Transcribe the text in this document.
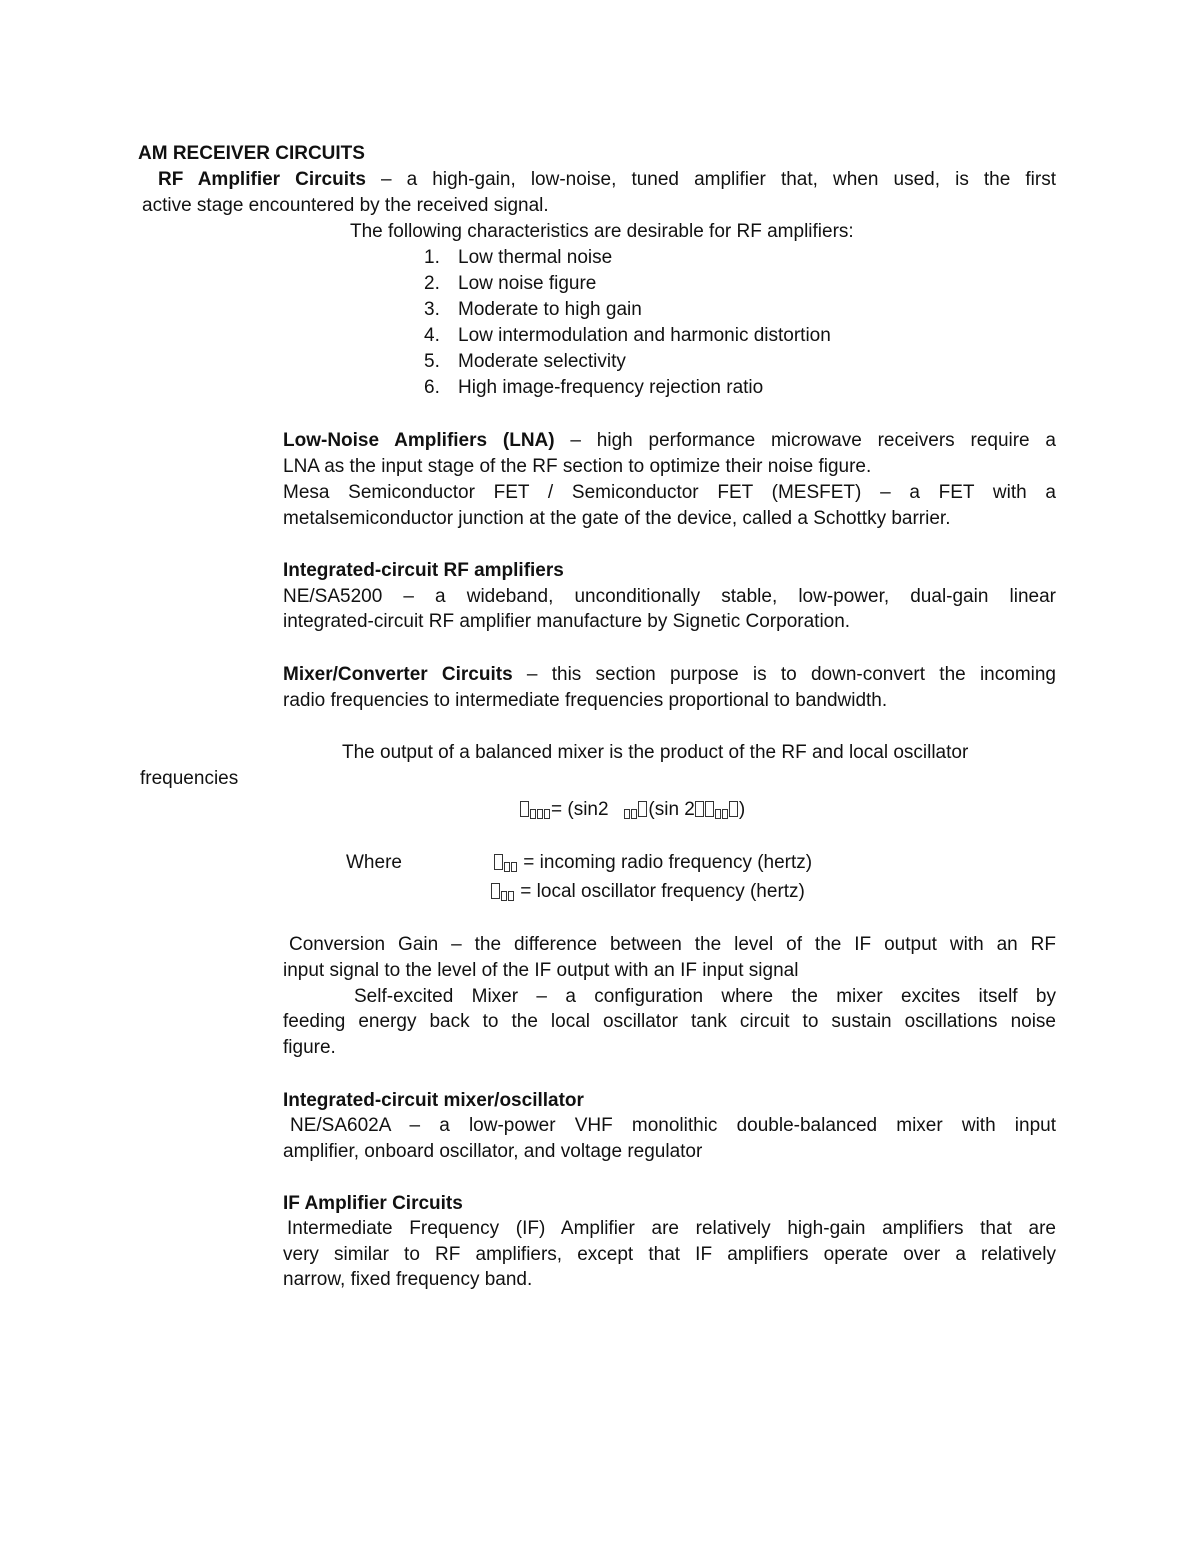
AM RECEIVER CIRCUITS
RF Amplifier Circuits – a high-gain, low-noise, tuned amplifier that, when used, is the first
active stage encountered by the received signal.
The following characteristics are desirable for RF amplifiers:
1. Low thermal noise
2. Low noise figure
3. Moderate to high gain
4. Low intermodulation and harmonic distortion
5. Moderate selectivity
6. High image-frequency rejection ratio
Low-Noise Amplifiers (LNA) – high performance microwave receivers require a
LNA as the input stage of the RF section to optimize their noise figure.
Mesa Semiconductor FET / Semiconductor FET (MESFET) – a FET with a
metalsemiconductor junction at the gate of the device, called a Schottky barrier.
Integrated-circuit RF amplifiers
NE/SA5200 – a wideband, unconditionally stable, low-power, dual-gain linear
integrated-circuit RF amplifier manufacture by Signetic Corporation.
Mixer/Converter Circuits – this section purpose is to down-convert the incoming
radio frequencies to intermediate frequencies proportional to bandwidth.
The output of a balanced mixer is the product of the RF and local oscillator
frequencies
= (sin2 (sin 2 )
Where	= incoming radio frequency (hertz)
= local oscillator frequency (hertz)
Conversion Gain – the difference between the level of the IF output with an RF
input signal to the level of the IF output with an IF input signal
Self-excited Mixer – a configuration where the mixer excites itself by
feeding energy back to the local oscillator tank circuit to sustain oscillations noise
figure.
Integrated-circuit mixer/oscillator
NE/SA602A – a low-power VHF monolithic double-balanced mixer with input
amplifier, onboard oscillator, and voltage regulator
IF Amplifier Circuits
Intermediate Frequency (IF) Amplifier are relatively high-gain amplifiers that are
very similar to RF amplifiers, except that IF amplifiers operate over a relatively
narrow, fixed frequency band.
